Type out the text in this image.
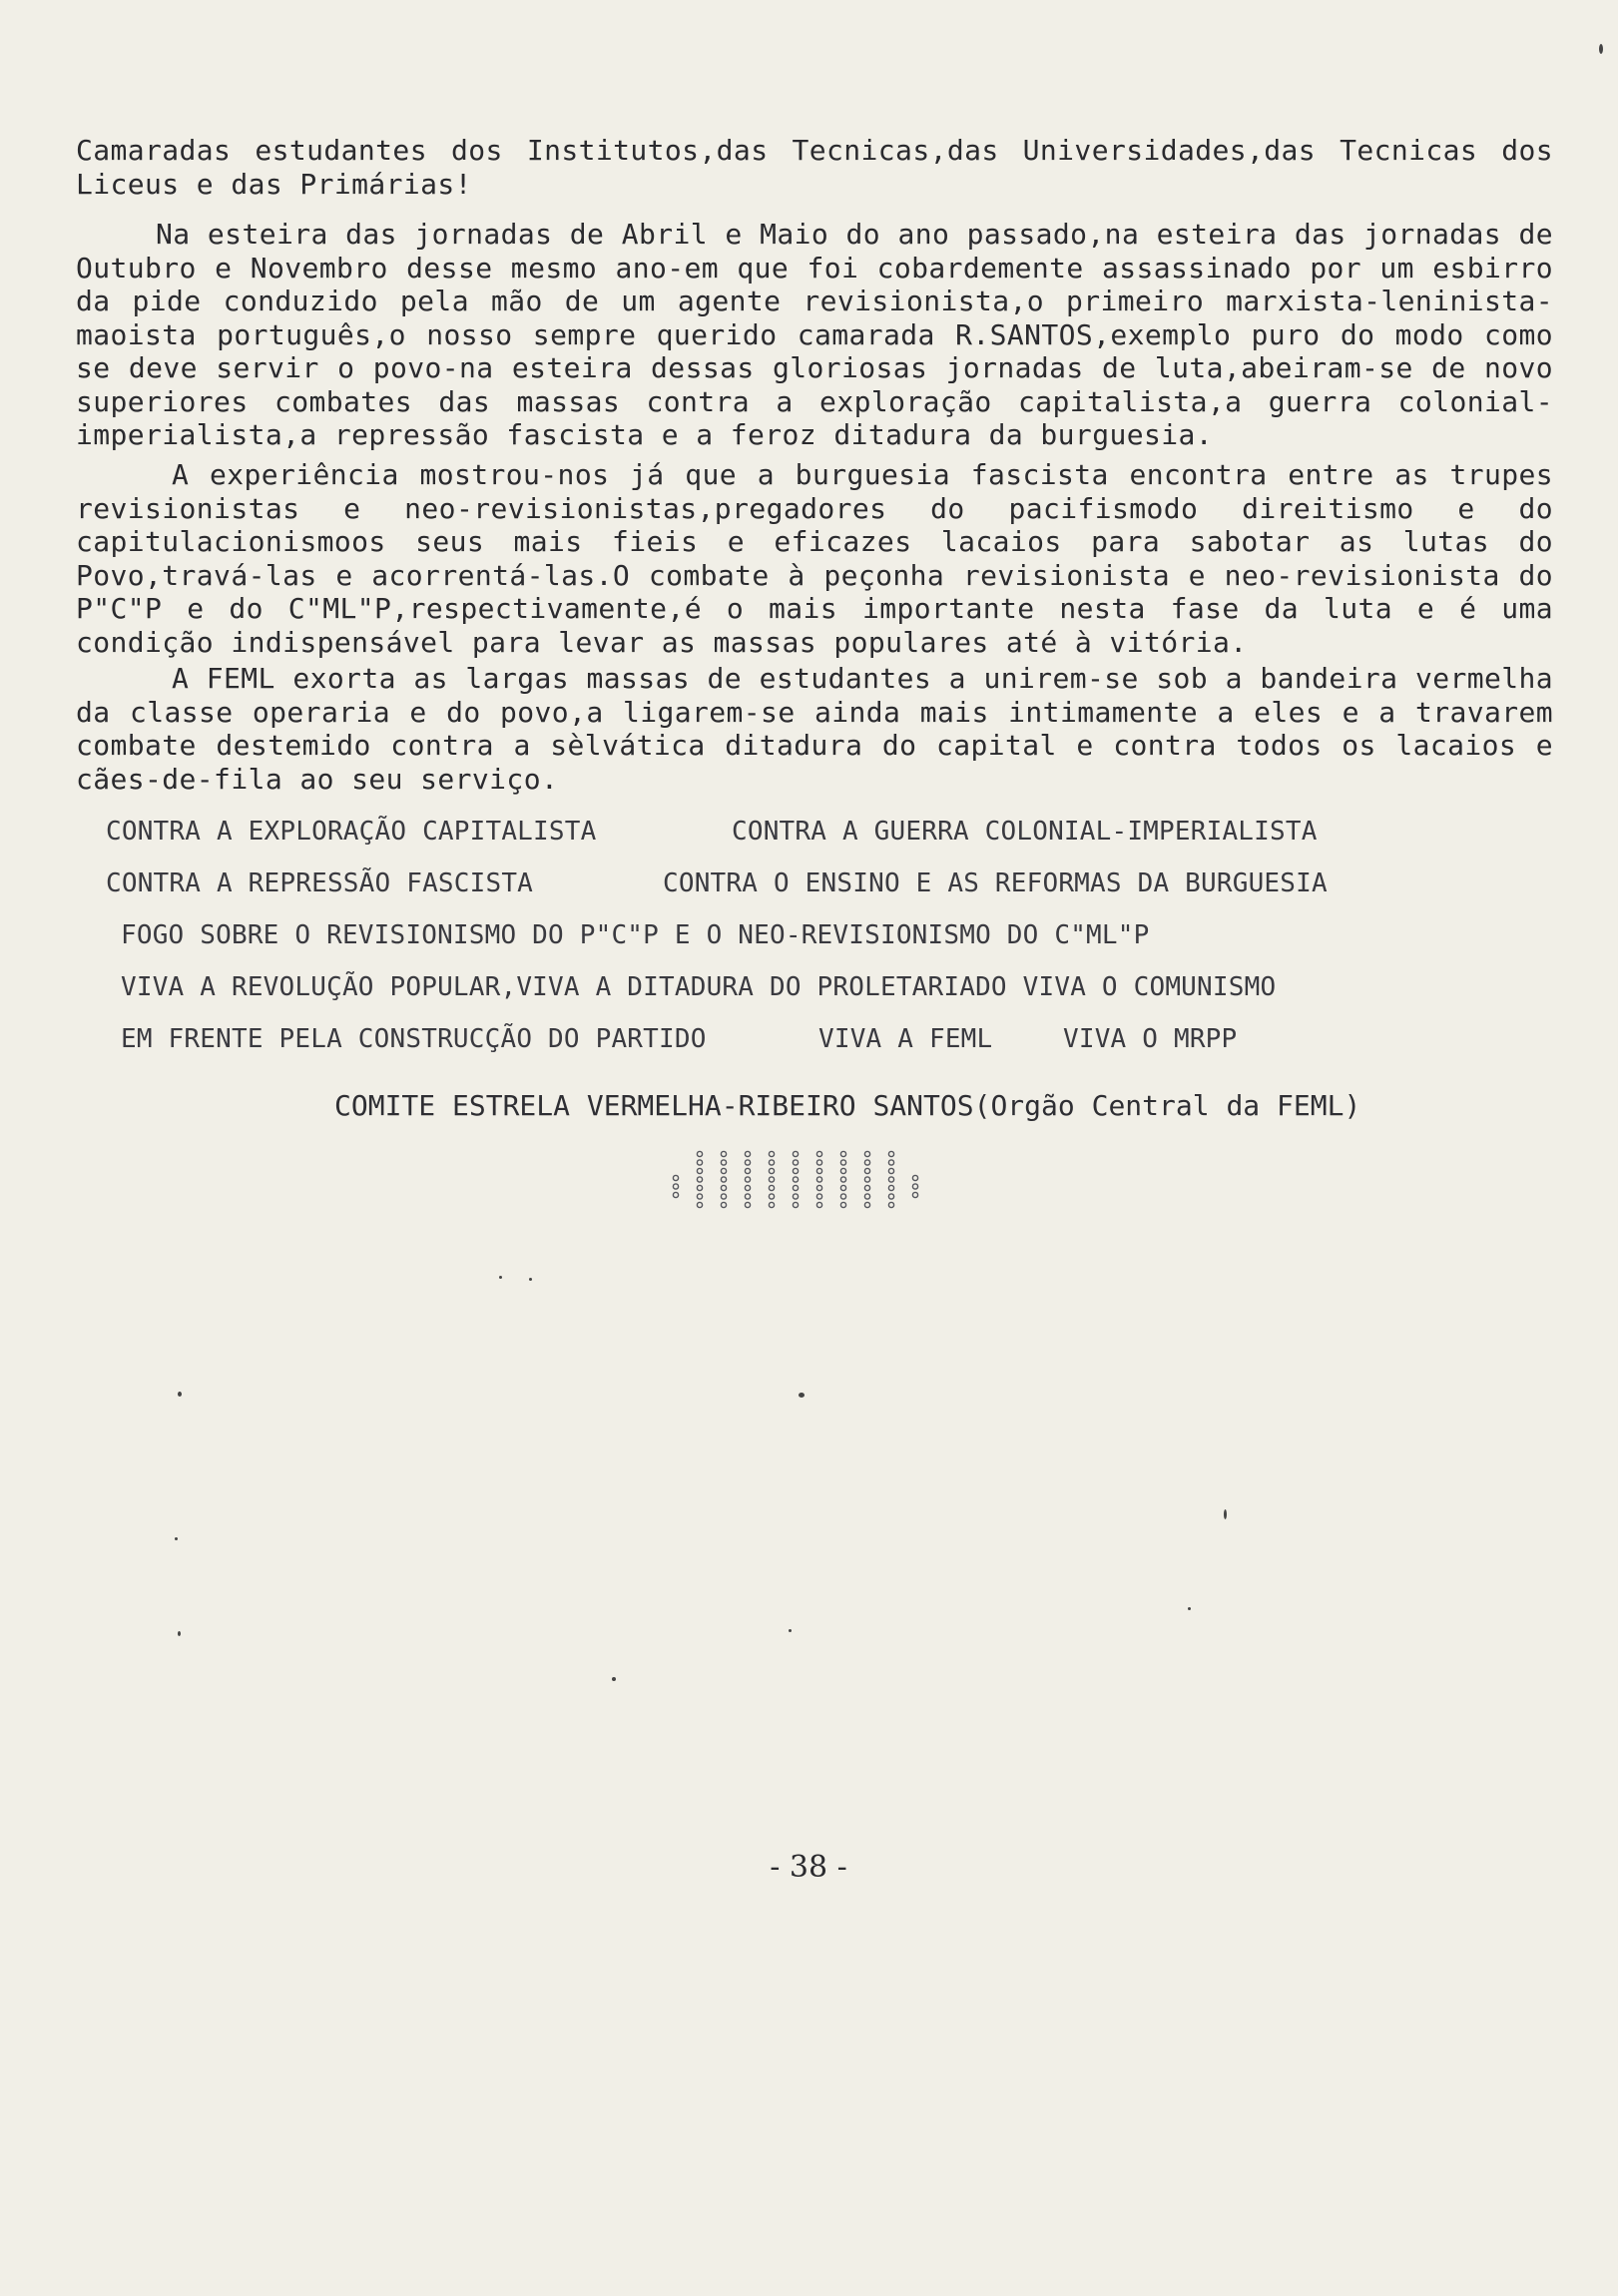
Camaradas estudantes dos Institutos,das Tecnicas,das Universidades,das Tecnicas dos Liceus e das Primárias!

Na esteira das jornadas de Abril e Maio do ano passado,na esteira das jornadas de Outubro e Novembro desse mesmo ano-em que foi cobardemente assassinado por um esbirro da pide conduzido pela mão de um agente revisionista,o primeiro marxista-leninista-maoista português,o nosso sempre querido camarada R.SANTOS,exemplo puro do modo como se deve servir o povo-na esteira dessas gloriosas jornadas de luta,abeiram-se de novo superiores combates das massas contra a exploração capitalista,a guerra colonial-imperialista,a repressão fascista e a feroz ditadura da burguesia.

A experiência mostrou-nos já que a burguesia fascista encontra entre as trupes revisionistas e neo-revisionistas,pregadores do pacifismodo direitismo e do capitulacionismoos seus mais fieis e eficazes lacaios para sabotar as lutas do Povo,travá-las e acorrentá-las.O combate à peçonha revisionista e neo-revisionista do P"C"P e do C"ML"P,respectivamente,é o mais importante nesta fase da luta e é uma condição indispensável para levar as massas populares até à vitória.

A FEML exorta as largas massas de estudantes a unirem-se sob a bandeira vermelha da classe operaria e do povo,a ligarem-se ainda mais intimamente a eles e a travarem combate destemido contra a sèlvática ditadura do capital e contra todos os lacaios e cães-de-fila ao seu serviço.

CONTRA A EXPLORAÇÃO CAPITALISTA	CONTRA A GUERRA COLONIAL-IMPERIALISTA
CONTRA A REPRESSÃO FASCISTA	CONTRA O ENSINO E AS REFORMAS DA BURGUESIA
FOGO SOBRE O REVISIONISMO DO P"C"P E O NEO-REVISIONISMO DO C"ML"P
VIVA A REVOLUÇÃO POPULAR,VIVA A DITADURA DO PROLETARIADO VIVA O COMUNISMO
EM FRENTE PELA CONSTRUCÇÃO DO PARTIDO	VIVA A FEML	VIVA O MRPP
COMITE ESTRELA VERMELHA-RIBEIRO SANTOS(Orgão Central da FEML)
- 38 -
